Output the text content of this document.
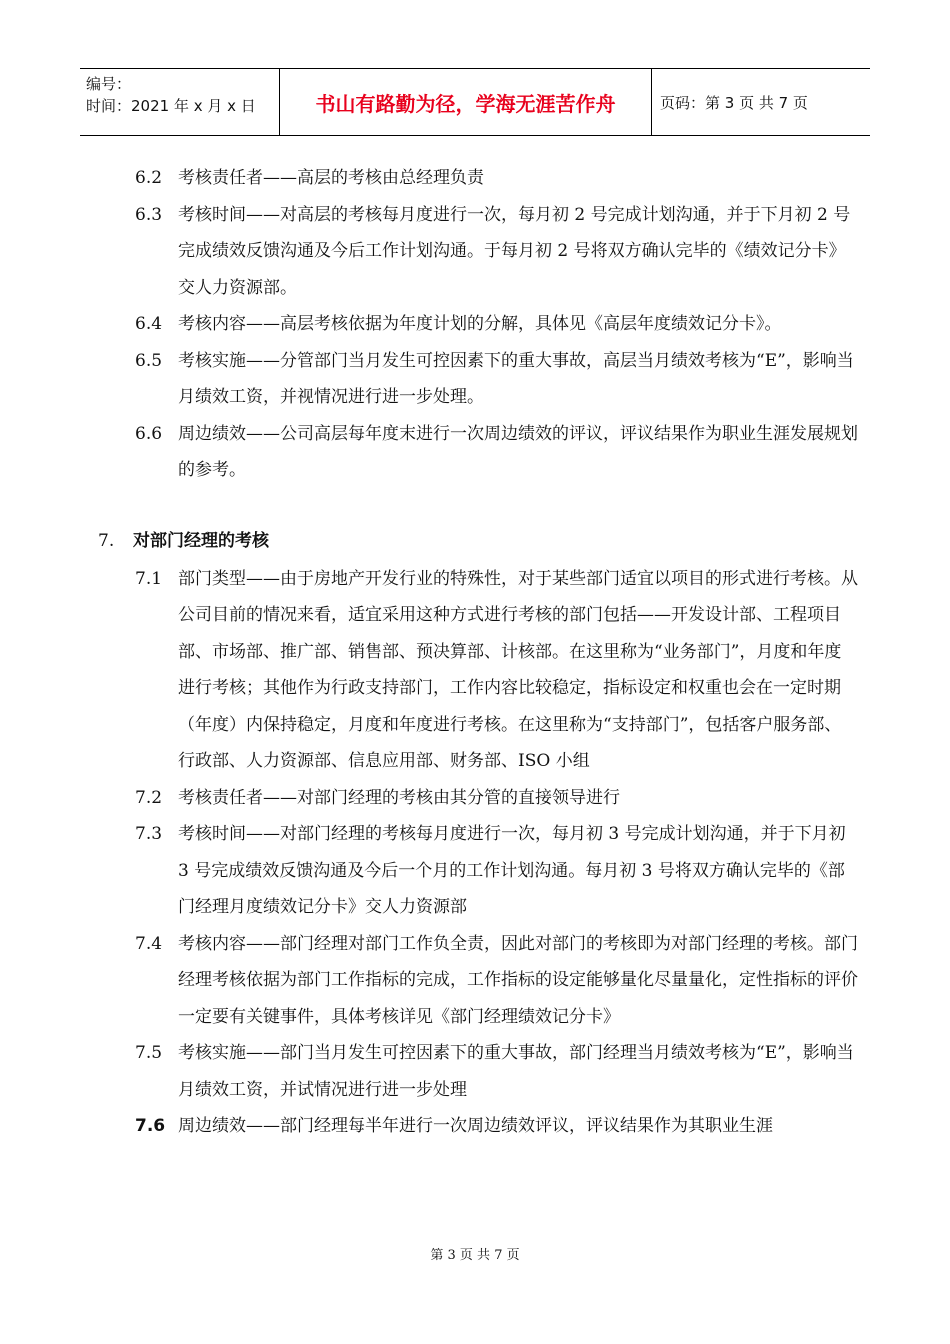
编号：
时间：2021 年 x 月 x 日	书山有路勤为径，学海无涯苦作舟	页码：第 3 页 共 7 页
6.2 考核责任者——高层的考核由总经理负责
6.3 考核时间——对高层的考核每月度进行一次，每月初 2 号完成计划沟通，并于下月初 2 号完成绩效反馈沟通及今后工作计划沟通。于每月初 2 号将双方确认完毕的《绩效记分卡》交人力资源部。
6.4 考核内容——高层考核依据为年度计划的分解，具体见《高层年度绩效记分卡》。
6.5 考核实施——分管部门当月发生可控因素下的重大事故，高层当月绩效考核为“E”，影响当月绩效工资，并视情况进行进一步处理。
6.6 周边绩效——公司高层每年度末进行一次周边绩效的评议，评议结果作为职业生涯发展规划的参考。
7. 对部门经理的考核
7.1 部门类型——由于房地产开发行业的特殊性，对于某些部门适宜以项目的形式进行考核。从公司目前的情况来看，适宜采用这种方式进行考核的部门包括——开发设计部、工程项目部、市场部、推广部、销售部、预决算部、计核部。在这里称为“业务部门”，月度和年度进行考核；其他作为行政支持部门，工作内容比较稳定，指标设定和权重也会在一定时期（年度）内保持稳定，月度和年度进行考核。在这里称为“支持部门”，包括客户服务部、行政部、人力资源部、信息应用部、财务部、ISO 小组
7.2 考核责任者——对部门经理的考核由其分管的直接领导进行
7.3 考核时间——对部门经理的考核每月度进行一次，每月初 3 号完成计划沟通，并于下月初 3 号完成绩效反馈沟通及今后一个月的工作计划沟通。每月初 3 号将双方确认完毕的《部门经理月度绩效记分卡》交人力资源部
7.4 考核内容——部门经理对部门工作负全责，因此对部门的考核即为对部门经理的考核。部门经理考核依据为部门工作指标的完成，工作指标的设定能够量化尽量量化，定性指标的评价一定要有关键事件，具体考核详见《部门经理绩效记分卡》
7.5 考核实施——部门当月发生可控因素下的重大事故，部门经理当月绩效考核为“E”，影响当月绩效工资，并试情况进行进一步处理
7.6 周边绩效——部门经理每半年进行一次周边绩效评议，评议结果作为其职业生涯
第 3 页 共 7 页
